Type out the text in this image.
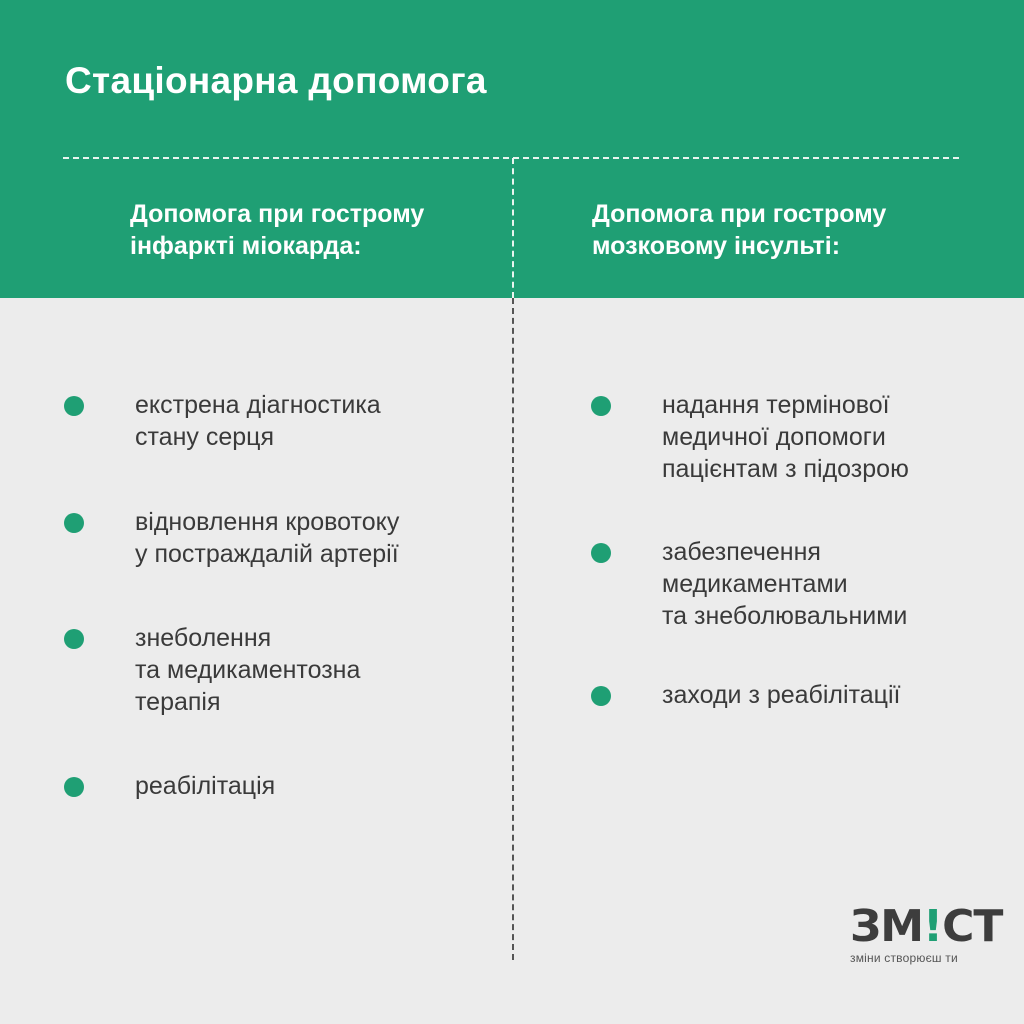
Стаціонарна допомога
Допомога при гострому
інфаркті міокарда:
Допомога при гострому
мозковому інсульті:
екстрена діагностика
стану серця
відновлення кровотоку
у постраждалій артерії
знеболення
та медикаментозна
терапія
реабілітація
надання термінової
медичної допомоги
пацієнтам з підозрою
забезпечення
медикаментами
та знеболювальними
заходи з реабілітації
ЗМ!СТ
зміни створюєш ти
